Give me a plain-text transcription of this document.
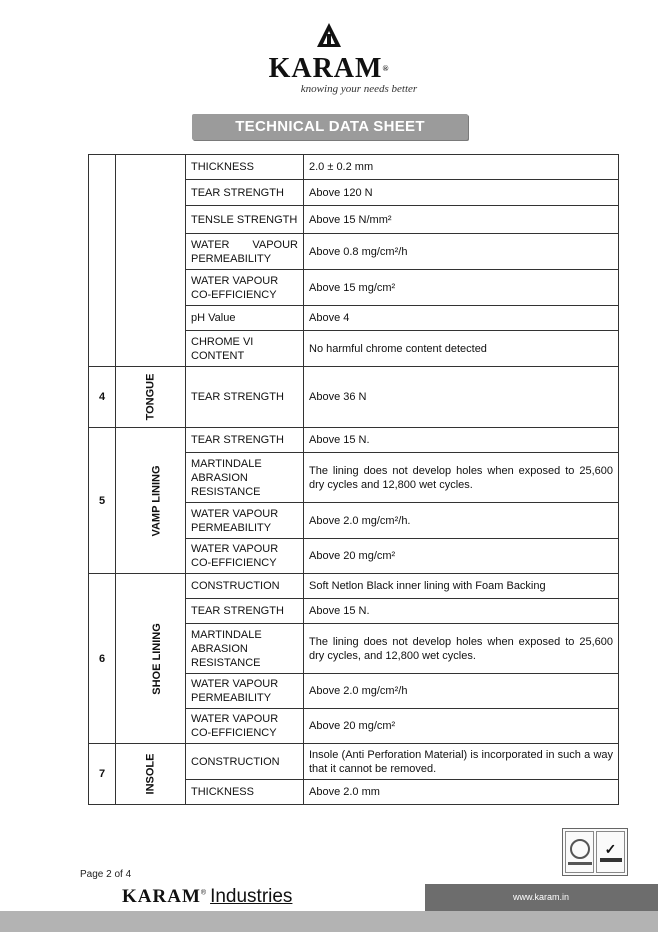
KARAM®
knowing your needs better
TECHNICAL DATA SHEET
		THICKNESS	2.0 ± 0.2 mm
		TEAR STRENGTH	Above 120 N
		TENSLE STRENGTH	Above 15 N/mm²
		WATER VAPOUR PERMEABILITY	Above 0.8 mg/cm²/h
		WATER VAPOUR CO-EFFICIENCY	Above 15 mg/cm²
		pH Value	Above 4
		CHROME VI CONTENT	No harmful chrome content detected
4	TONGUE	TEAR STRENGTH	Above 36 N
5	VAMP LINING	TEAR STRENGTH	Above 15 N.
		MARTINDALE ABRASION RESISTANCE	The lining does not develop holes when exposed to 25,600 dry cycles and 12,800 wet cycles.
		WATER VAPOUR PERMEABILITY	Above 2.0 mg/cm²/h.
		WATER VAPOUR CO-EFFICIENCY	Above 20 mg/cm²
6	SHOE LINING	CONSTRUCTION	Soft Netlon Black inner lining with Foam Backing
		TEAR STRENGTH	Above 15 N.
		MARTINDALE ABRASION RESISTANCE	The lining does not develop holes when exposed to 25,600 dry cycles, and 12,800 wet cycles.
		WATER VAPOUR PERMEABILITY	Above 2.0 mg/cm²/h
		WATER VAPOUR CO-EFFICIENCY	Above 20 mg/cm²
7	INSOLE	CONSTRUCTION	Insole (Anti Perforation Material) is incorporated in such a way that it cannot be removed.
		THICKNESS	Above 2.0 mm
✓
Page 2 of 4
KARAM® Industries	www.karam.in
